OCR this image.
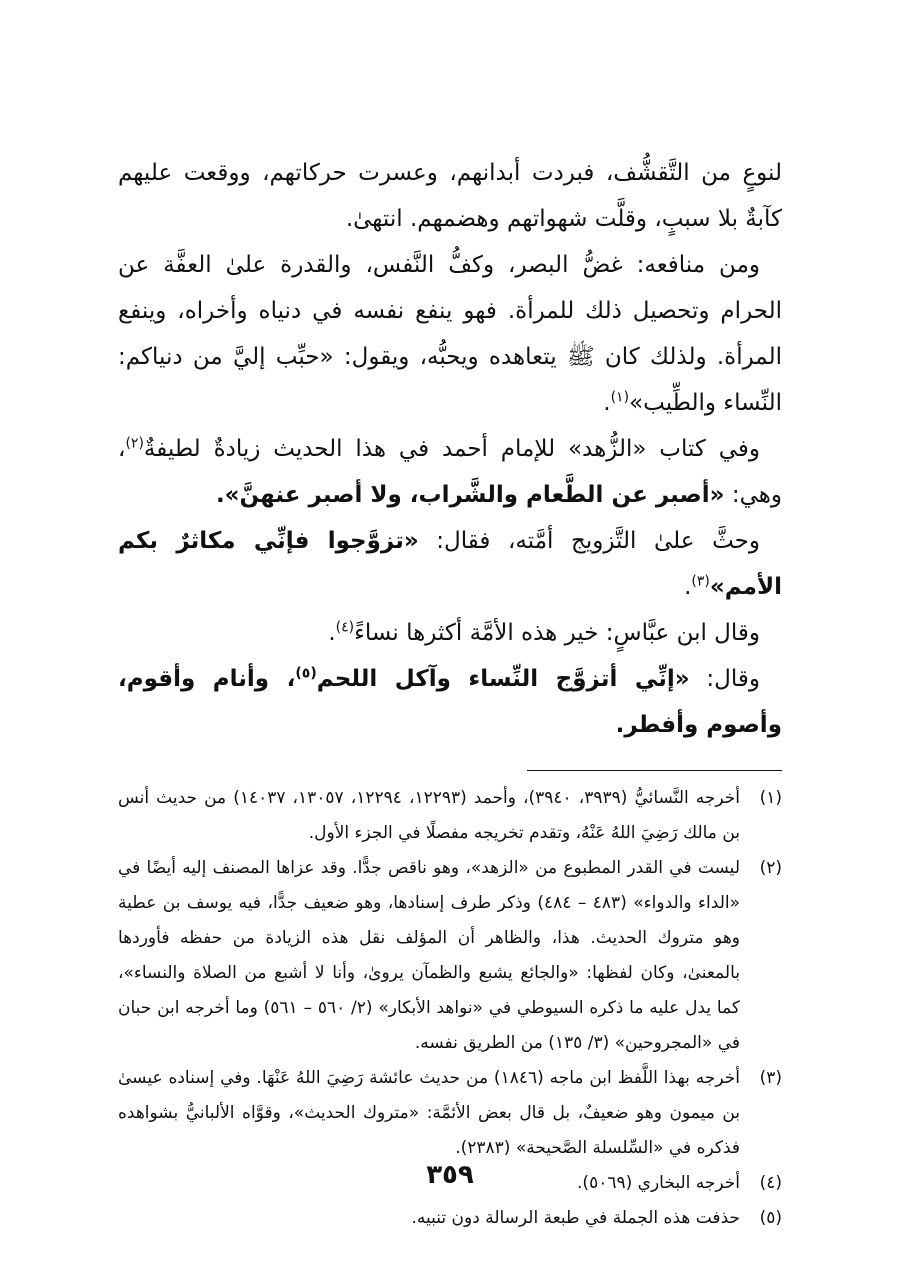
لنوعٍ من التَّقشُّف، فبردت أبدانهم، وعسرت حركاتهم، ووقعت عليهم كآبةٌ بلا سببٍ، وقلَّت شهواتهم وهضمهم. انتهىٰ.

ومن منافعه: غضُّ البصر، وكفُّ النَّفس، والقدرة علىٰ العفَّة عن الحرام وتحصيل ذلك للمرأة. فهو ينفع نفسه في دنياه وأخراه، وينفع المرأة. ولذلك كان ﷺ يتعاهده ويحبُّه، ويقول: «حبِّب إليَّ من دنياكم: النِّساء والطِّيب»$^{(١)}$.

وفي كتاب «الزُّهد» للإمام أحمد في هذا الحديث زيادةٌ لطيفةٌ$^{(٢)}$، وهي: «أصبر عن الطَّعام والشَّراب، ولا أصبر عنهنَّ».

وحثَّ علىٰ التَّزويج أمَّته، فقال: «تزوَّجوا فإنِّي مكاثرٌ بكم الأمم»$^{(٣)}$.

وقال ابن عبَّاسٍ: خير هذه الأمَّة أكثرها نساءً$^{(٤)}$.

وقال: «إنِّي أتزوَّج النِّساء وآكل اللحم$^{(٥)}$، وأنام وأقوم، وأصوم وأفطر.

(١)
أخرجه النَّسائيُّ (٣٩٣٩، ٣٩٤٠)، وأحمد (١٢٢٩٣، ١٢٢٩٤، ١٣٠٥٧، ١٤٠٣٧) من حديث أنس بن مالك رَضِيَ اللهُ عَنْهُ، وتقدم تخريجه مفصلًا في الجزء الأول.
(٢)
ليست في القدر المطبوع من «الزهد»، وهو ناقص جدًّا. وقد عزاها المصنف إليه أيضًا في «الداء والدواء» (٤٨٣ – ٤٨٤) وذكر طرف إسنادها، وهو ضعيف جدًّا، فيه يوسف بن عطية وهو متروك الحديث. هذا، والظاهر أن المؤلف نقل هذه الزيادة من حفظه فأوردها بالمعنىٰ، وكان لفظها: «والجائع يشبع والظمآن يروىٰ، وأنا لا أشبع من الصلاة والنساء»، كما يدل عليه ما ذكره السيوطي في «نواهد الأبكار» (٢/ ٥٦٠ – ٥٦١) وما أخرجه ابن حبان في «المجروحين» (٣/ ١٣٥) من الطريق نفسه.
(٣)
أخرجه بهذا اللَّفظ ابن ماجه (١٨٤٦) من حديث عائشة رَضِيَ اللهُ عَنْهَا. وفي إسناده عيسىٰ بن ميمون وهو ضعيفٌ، بل قال بعض الأئمَّة: «متروك الحديث»، وقوَّاه الألبانيُّ بشواهده فذكره في «السِّلسلة الصَّحيحة» (٢٣٨٣).
(٤)
أخرجه البخاري (٥٠٦٩).
(٥)
حذفت هذه الجملة في طبعة الرسالة دون تنبيه.
٣٥٩
